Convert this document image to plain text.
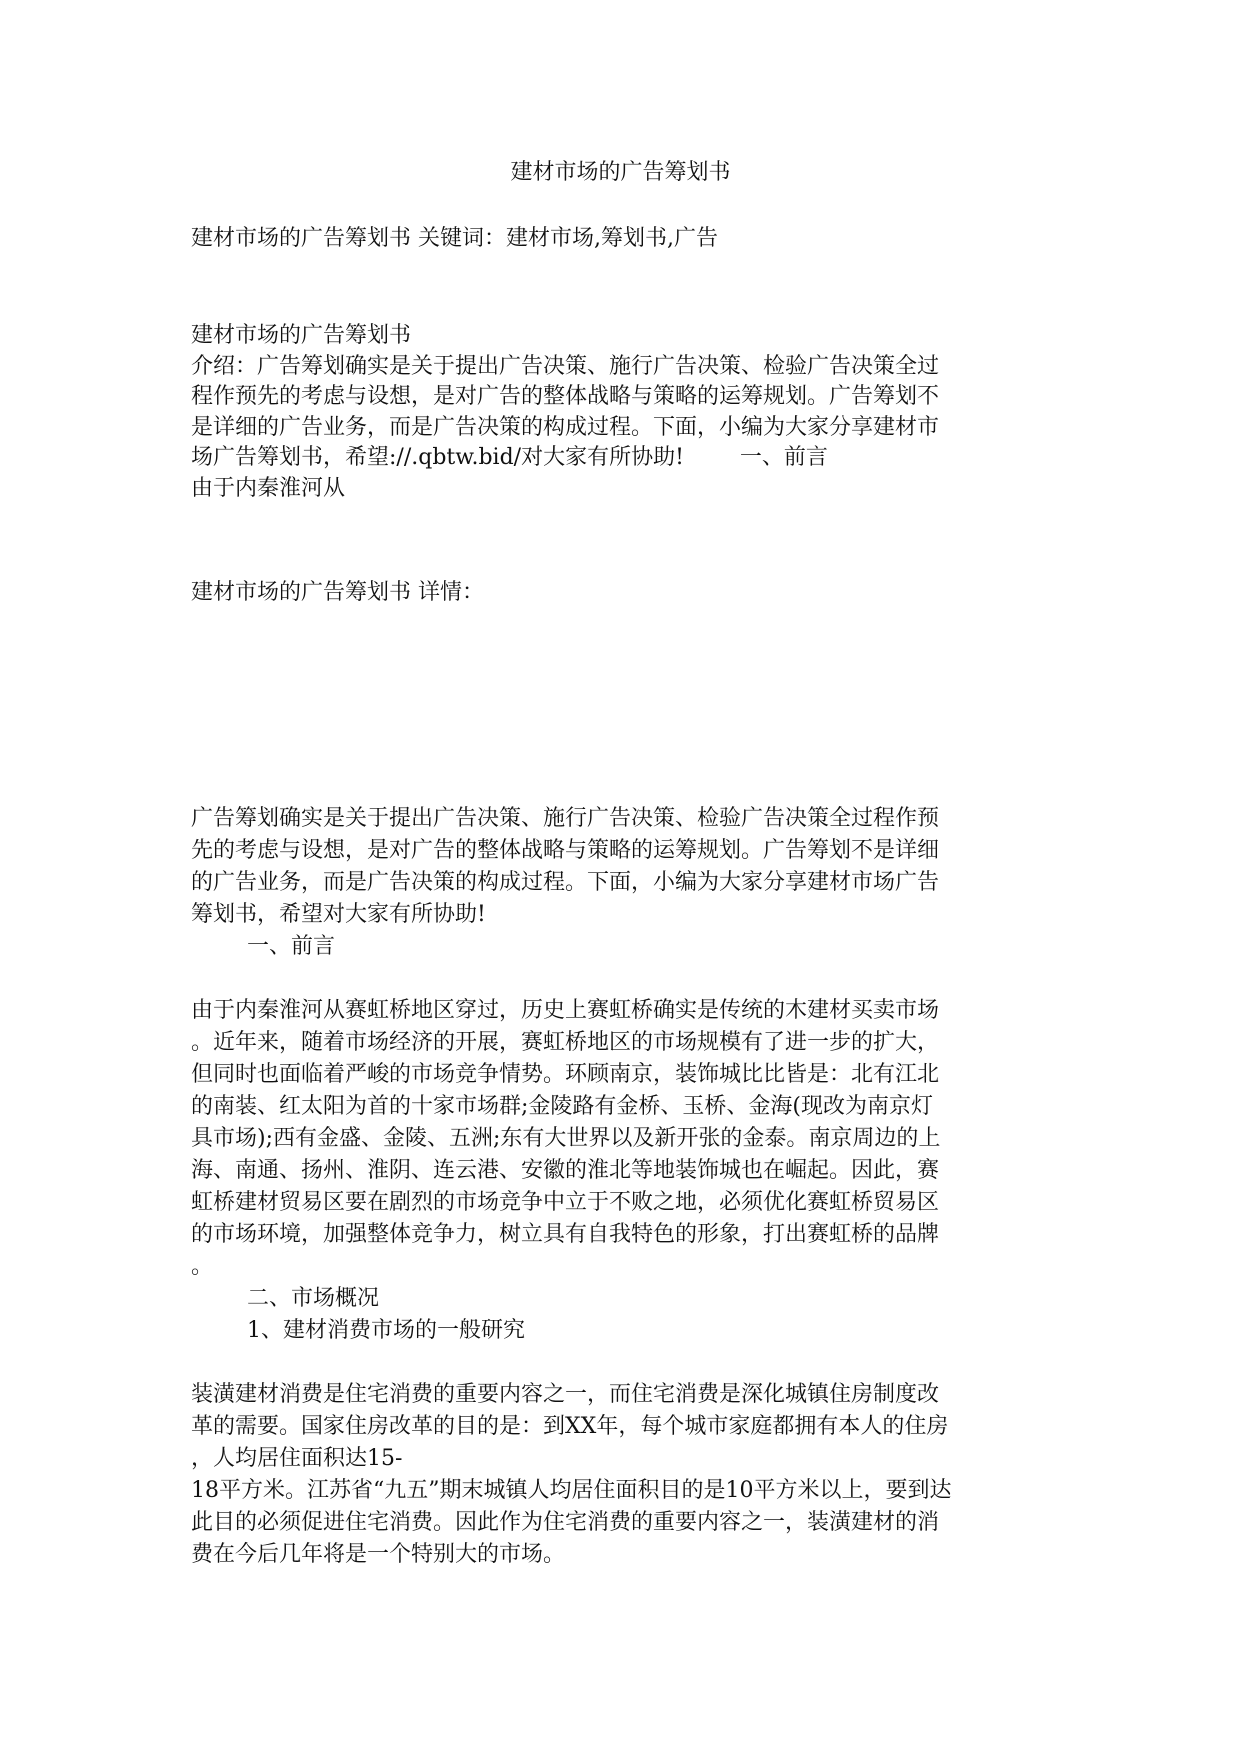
建材市场的广告筹划书
建材市场的广告筹划书 关键词：建材市场,筹划书,广告
建材市场的广告筹划书
介绍：广告筹划确实是关于提出广告决策、施行广告决策、检验广告决策全过
程作预先的考虑与设想，是对广告的整体战略与策略的运筹规划。广告筹划不
是详细的广告业务，而是广告决策的构成过程。下面，小编为大家分享建材市
场广告筹划书，希望://.qbtw.bid/对大家有所协助!        一、前言
由于内秦淮河从
建材市场的广告筹划书 详情：
广告筹划确实是关于提出广告决策、施行广告决策、检验广告决策全过程作预
先的考虑与设想，是对广告的整体战略与策略的运筹规划。广告筹划不是详细
的广告业务，而是广告决策的构成过程。下面，小编为大家分享建材市场广告
筹划书，希望对大家有所协助!
一、前言
由于内秦淮河从赛虹桥地区穿过，历史上赛虹桥确实是传统的木建材买卖市场
。近年来，随着市场经济的开展，赛虹桥地区的市场规模有了进一步的扩大，
但同时也面临着严峻的市场竞争情势。环顾南京，装饰城比比皆是：北有江北
的南装、红太阳为首的十家市场群;金陵路有金桥、玉桥、金海(现改为南京灯
具市场);西有金盛、金陵、五洲;东有大世界以及新开张的金泰。南京周边的上
海、南通、扬州、淮阴、连云港、安徽的淮北等地装饰城也在崛起。因此，赛
虹桥建材贸易区要在剧烈的市场竞争中立于不败之地，必须优化赛虹桥贸易区
的市场环境，加强整体竞争力，树立具有自我特色的形象，打出赛虹桥的品牌
。
二、市场概况
1、建材消费市场的一般研究
装潢建材消费是住宅消费的重要内容之一，而住宅消费是深化城镇住房制度改
革的需要。国家住房改革的目的是：到XX年，每个城市家庭都拥有本人的住房
，人均居住面积达15-
18平方米。江苏省“九五”期末城镇人均居住面积目的是10平方米以上，要到达
此目的必须促进住宅消费。因此作为住宅消费的重要内容之一，装潢建材的消
费在今后几年将是一个特别大的市场。
